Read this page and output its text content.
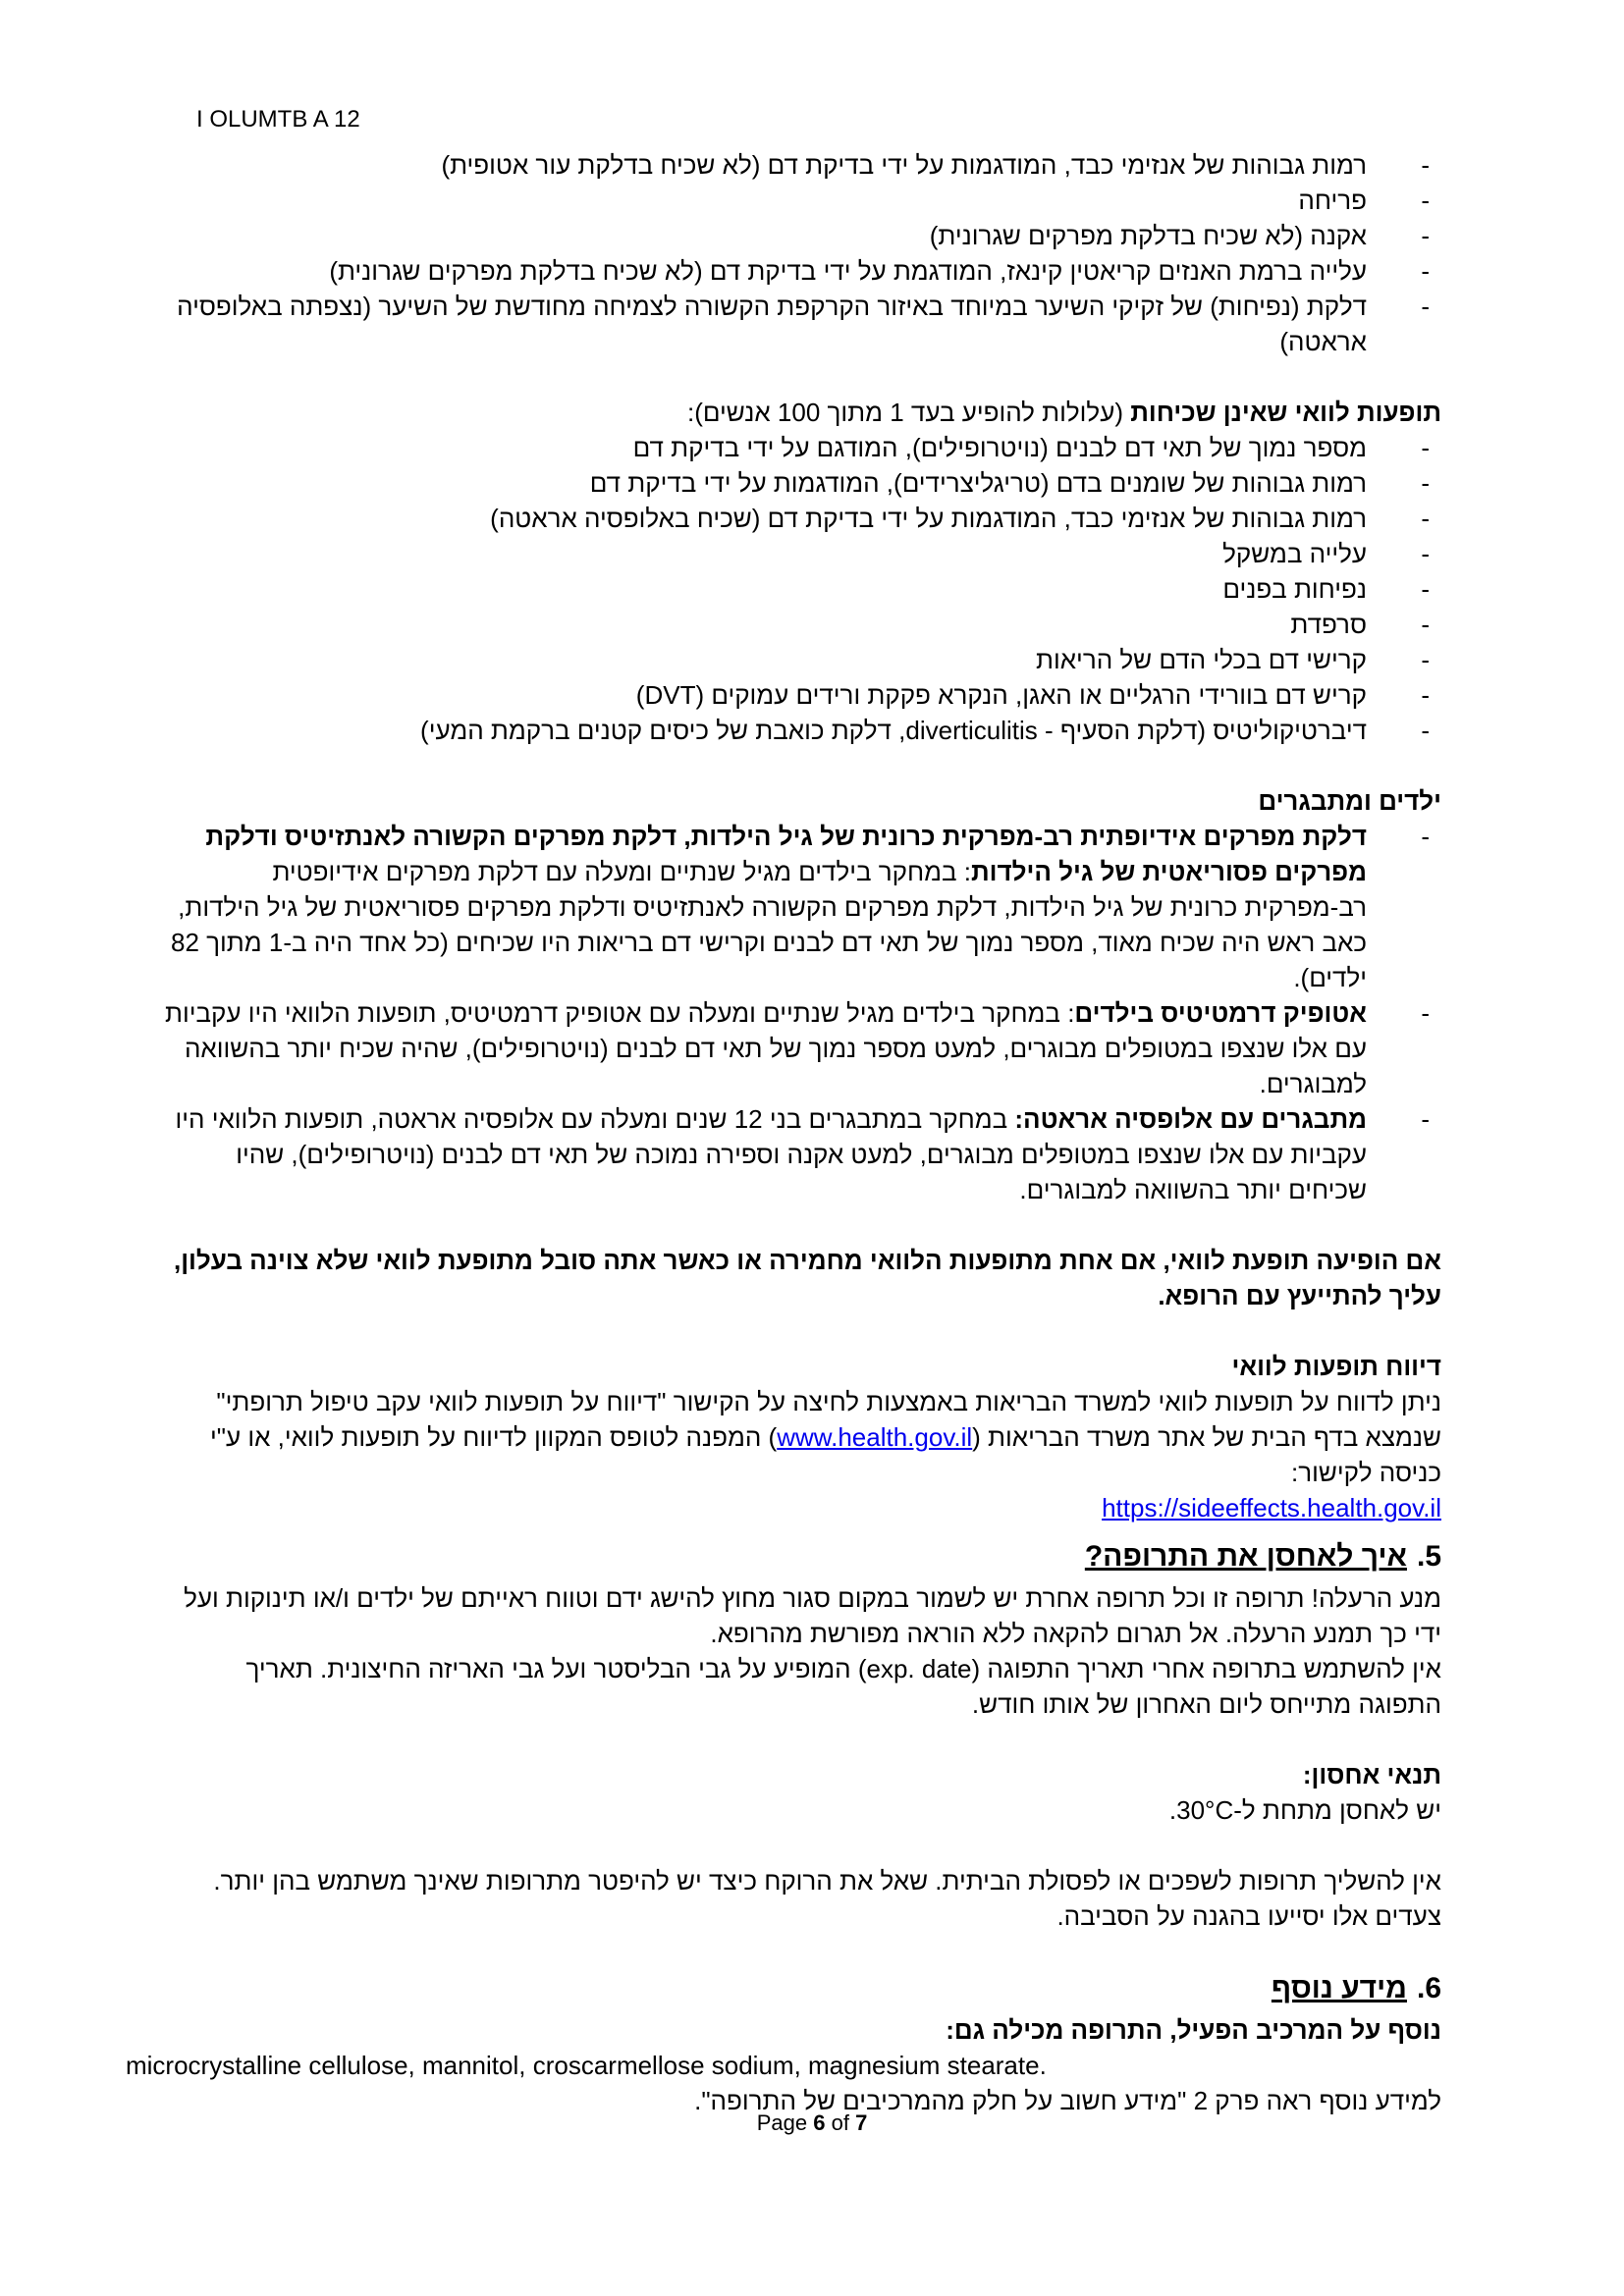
I OLUMTB A 12
-
רמות גבוהות של אנזימי כבד, המודגמות על ידי בדיקת דם (לא שכיח בדלקת עור אטופית)
-
פריחה
-
אקנה (לא שכיח בדלקת מפרקים שגרונית)
-
עלייה ברמת האנזים קריאטין קינאז, המודגמת על ידי בדיקת דם (לא שכיח בדלקת מפרקים שגרונית)
-
דלקת (נפיחות) של זקיקי השיער במיוחד באיזור הקרקפת הקשורה לצמיחה מחודשת של השיער (נצפתה באלופסיה אראטה)
תופעות לוואי שאינן שכיחות (עלולות להופיע בעד 1 מתוך 100 אנשים):
-
מספר נמוך של תאי דם לבנים (נויטרופילים), המודגם על ידי בדיקת דם
-
רמות גבוהות של שומנים בדם (טריגליצרידים), המודגמות על ידי בדיקת דם
-
רמות גבוהות של אנזימי כבד, המודגמות על ידי בדיקת דם (שכיח באלופסיה אראטה)
-
עלייה במשקל
-
נפיחות בפנים
-
סרפדת
-
קרישי דם בכלי הדם של הריאות
-
קריש דם בוורידי הרגליים או האגן, הנקרא פקקת ורידים עמוקים (DVT)
-
דיברטיקוליטיס (דלקת הסעיף - diverticulitis, דלקת כואבת של כיסים קטנים ברקמת המעי)
ילדים ומתבגרים
-
דלקת מפרקים אידיופתית רב-מפרקית כרונית של גיל הילדות, דלקת מפרקים הקשורה לאנתזיטיס ודלקת מפרקים פסוריאטית של גיל הילדות: במחקר בילדים מגיל שנתיים ומעלה עם דלקת מפרקים אידיופטית רב-מפרקית כרונית של גיל הילדות, דלקת מפרקים הקשורה לאנתזיטיס ודלקת מפרקים פסוריאטית של גיל הילדות, כאב ראש היה שכיח מאוד, מספר נמוך של תאי דם לבנים וקרישי דם בריאות היו שכיחים (כל אחד היה ב-1 מתוך 82 ילדים).
-
אטופיק דרמטיטיס בילדים: במחקר בילדים מגיל שנתיים ומעלה עם אטופיק דרמטיטיס, תופעות הלוואי היו עקביות עם אלו שנצפו במטופלים מבוגרים, למעט מספר נמוך של תאי דם לבנים (נויטרופילים), שהיה שכיח יותר בהשוואה למבוגרים.
-
מתבגרים עם אלופסיה אראטה: במחקר במתבגרים בני 12 שנים ומעלה עם אלופסיה אראטה, תופעות הלוואי היו עקביות עם אלו שנצפו במטופלים מבוגרים, למעט אקנה וספירה נמוכה של תאי דם לבנים (נויטרופילים), שהיו שכיחים יותר בהשוואה למבוגרים.
אם הופיעה תופעת לוואי, אם אחת מתופעות הלוואי מחמירה או כאשר אתה סובל מתופעת לוואי שלא צוינה בעלון, עליך להתייעץ עם הרופא.
דיווח תופעות לוואי
ניתן לדווח על תופעות לוואי למשרד הבריאות באמצעות לחיצה על הקישור "דיווח על תופעות לוואי עקב טיפול תרופתי" שנמצא בדף הבית של אתר משרד הבריאות (www.health.gov.il) המפנה לטופס המקוון לדיווח על תופעות לוואי, או ע"י כניסה לקישור:
https://sideeffects.health.gov.il
5.איך לאחסן את התרופה?
מנע הרעלה! תרופה זו וכל תרופה אחרת יש לשמור במקום סגור מחוץ להישג ידם וטווח ראייתם של ילדים ו/או תינוקות ועל ידי כך תמנע הרעלה. אל תגרום להקאה ללא הוראה מפורשת מהרופא.
אין להשתמש בתרופה אחרי תאריך התפוגה (exp. date) המופיע על גבי הבליסטר ועל גבי האריזה החיצונית. תאריך התפוגה מתייחס ליום האחרון של אותו חודש.
תנאי אחסון:
יש לאחסן מתחת ל-30°C.
אין להשליך תרופות לשפכים או לפסולת הביתית. שאל את הרוקח כיצד יש להיפטר מתרופות שאינך משתמש בהן יותר. צעדים אלו יסייעו בהגנה על הסביבה.
6.מידע נוסף
נוסף על המרכיב הפעיל, התרופה מכילה גם:
microcrystalline cellulose, mannitol, croscarmellose sodium, magnesium stearate.
למידע נוסף ראה פרק 2 "מידע חשוב על חלק מהמרכיבים של התרופה".
Page 6 of 7
